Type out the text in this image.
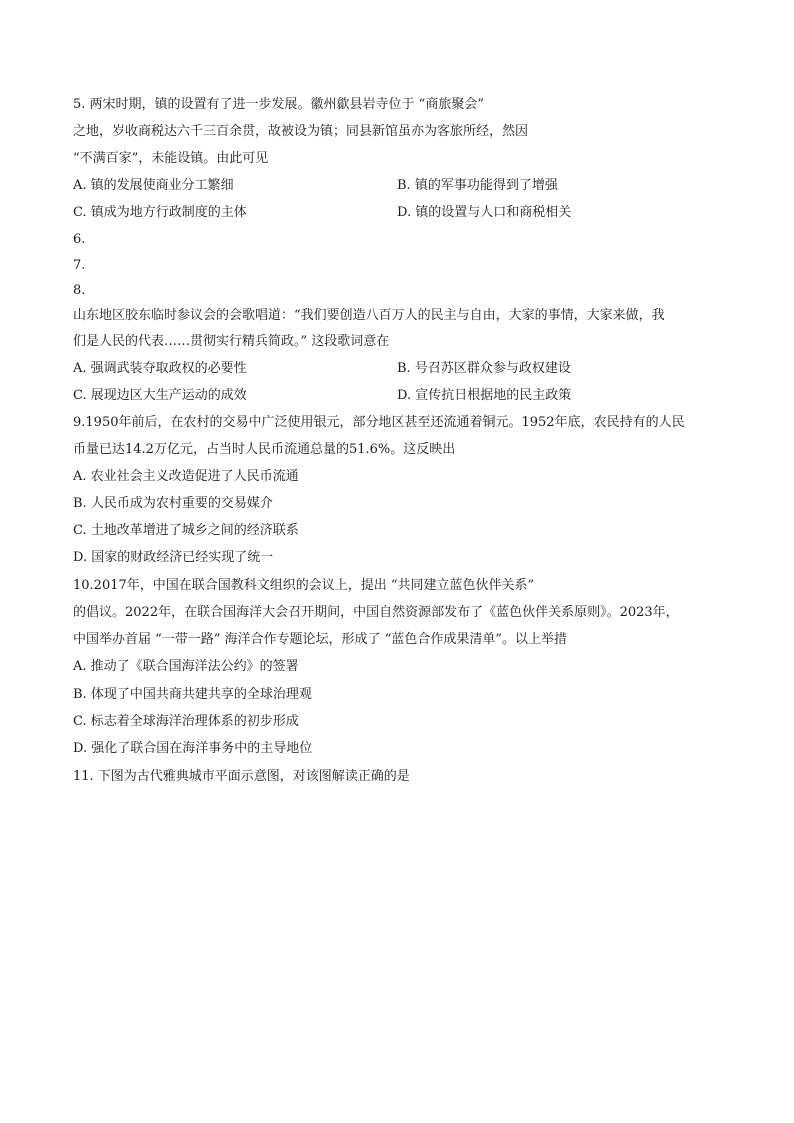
5. 两宋时期，镇的设置有了进一步发展。徽州歙县岩寺位于 “商旅聚会”
之地，岁收商税达六千三百余贯，故被设为镇；同县新馆虽亦为客旅所经，然因
“不满百家”，未能设镇。由此可见
A. 镇的发展使商业分工繁细	B. 镇的军事功能得到了增强
C. 镇成为地方行政制度的主体	D. 镇的设置与人口和商税相关
6.
7.
8.
山东地区胶东临时参议会的会歌唱道：“我们要创造八百万人的民主与自由，大家的事情，大家来做，我
们是人民的代表……贯彻实行精兵简政。” 这段歌词意在
A. 强调武装夺取政权的必要性	B. 号召苏区群众参与政权建设
C. 展现边区大生产运动的成效	D. 宣传抗日根据地的民主政策
9.1950年前后，在农村的交易中广泛使用银元，部分地区甚至还流通着铜元。1952年底，农民持有的人民
币量已达14.2万亿元，占当时人民币流通总量的51.6%。这反映出
A. 农业社会主义改造促进了人民币流通
B. 人民币成为农村重要的交易媒介
C. 土地改革增进了城乡之间的经济联系
D. 国家的财政经济已经实现了统一
10.2017年，中国在联合国教科文组织的会议上，提出 “共同建立蓝色伙伴关系”
的倡议。2022年，在联合国海洋大会召开期间，中国自然资源部发布了《蓝色伙伴关系原则》。2023年，
中国举办首届 “一带一路” 海洋合作专题论坛，形成了 “蓝色合作成果清单”。以上举措
A. 推动了《联合国海洋法公约》的签署
B. 体现了中国共商共建共享的全球治理观
C. 标志着全球海洋治理体系的初步形成
D. 强化了联合国在海洋事务中的主导地位
11. 下图为古代雅典城市平面示意图，对该图解读正确的是
